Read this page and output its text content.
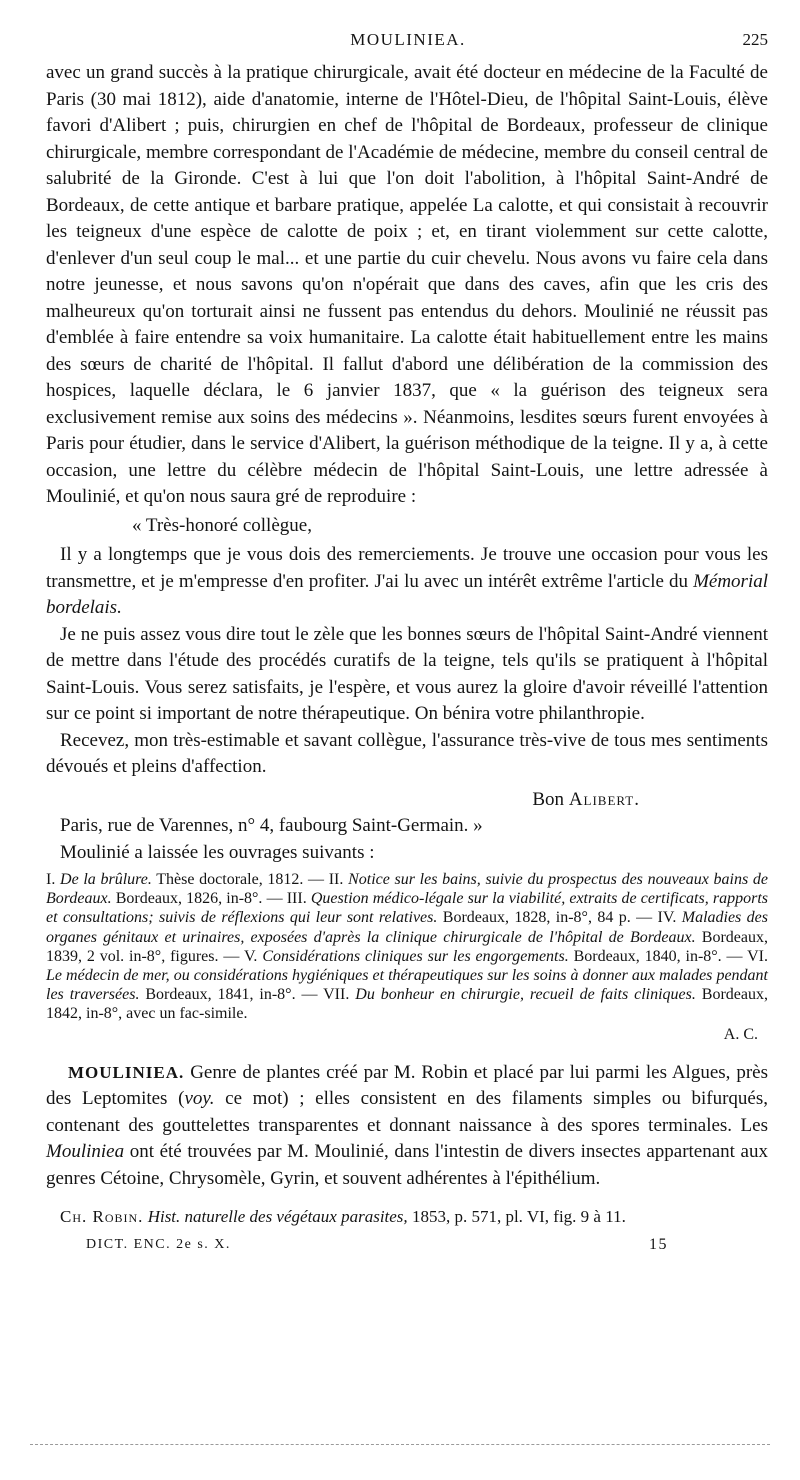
MOULINIEA.	225

avec un grand succès à la pratique chirurgicale, avait été docteur en médecine de la Faculté de Paris (30 mai 1812), aide d'anatomie, interne de l'Hôtel-Dieu, de l'hôpital Saint-Louis, élève favori d'Alibert ; puis, chirurgien en chef de l'hôpital de Bordeaux, professeur de clinique chirurgicale, membre correspondant de l'Académie de médecine, membre du conseil central de salubrité de la Gironde. C'est à lui que l'on doit l'abolition, à l'hôpital Saint-André de Bordeaux, de cette antique et barbare pratique, appelée La calotte, et qui consistait à recouvrir les teigneux d'une espèce de calotte de poix ; et, en tirant violemment sur cette calotte, d'enlever d'un seul coup le mal... et une partie du cuir chevelu. Nous avons vu faire cela dans notre jeunesse, et nous savons qu'on n'opérait que dans des caves, afin que les cris des malheureux qu'on torturait ainsi ne fussent pas entendus du dehors. Moulinié ne réussit pas d'emblée à faire entendre sa voix humanitaire. La calotte était habituellement entre les mains des sœurs de charité de l'hôpital. Il fallut d'abord une délibération de la commission des hospices, laquelle déclara, le 6 janvier 1837, que « la guérison des teigneux sera exclusivement remise aux soins des médecins ». Néanmoins, lesdites sœurs furent envoyées à Paris pour étudier, dans le service d'Alibert, la guérison méthodique de la teigne. Il y a, à cette occasion, une lettre du célèbre médecin de l'hôpital Saint-Louis, une lettre adressée à Moulinié, et qu'on nous saura gré de reproduire :

« Très-honoré collègue,

Il y a longtemps que je vous dois des remerciements. Je trouve une occasion pour vous les transmettre, et je m'empresse d'en profiter. J'ai lu avec un intérêt extrême l'article du Mémorial bordelais.

Je ne puis assez vous dire tout le zèle que les bonnes sœurs de l'hôpital Saint-André viennent de mettre dans l'étude des procédés curatifs de la teigne, tels qu'ils se pratiquent à l'hôpital Saint-Louis. Vous serez satisfaits, je l'espère, et vous aurez la gloire d'avoir réveillé l'attention sur ce point si important de notre thérapeutique. On bénira votre philanthropie.

Recevez, mon très-estimable et savant collègue, l'assurance très-vive de tous mes sentiments dévoués et pleins d'affection.

Bon Alibert.

Paris, rue de Varennes, n° 4, faubourg Saint-Germain. »

Moulinié a laissée les ouvrages suivants :

I. De la brûlure. Thèse doctorale, 1812. — II. Notice sur les bains, suivie du prospectus des nouveaux bains de Bordeaux. Bordeaux, 1826, in-8°. — III. Question médico-légale sur la viabilité, extraits de certificats, rapports et consultations; suivis de réflexions qui leur sont relatives. Bordeaux, 1828, in-8°, 84 p. — IV. Maladies des organes génitaux et urinaires, exposées d'après la clinique chirurgicale de l'hôpital de Bordeaux. Bordeaux, 1839, 2 vol. in-8°, figures. — V. Considérations cliniques sur les engorgements. Bordeaux, 1840, in-8°. — VI. Le médecin de mer, ou considérations hygiéniques et thérapeutiques sur les soins à donner aux malades pendant les traversées. Bordeaux, 1841, in-8°. — VII. Du bonheur en chirurgie, recueil de faits cliniques. Bordeaux, 1842, in-8°, avec un fac-simile.

A. C.

MOULINIEA. Genre de plantes créé par M. Robin et placé par lui parmi les Algues, près des Leptomites (voy. ce mot) ; elles consistent en des filaments simples ou bifurqués, contenant des gouttelettes transparentes et donnant naissance à des spores terminales. Les Mouliniea ont été trouvées par M. Moulinié, dans l'intestin de divers insectes appartenant aux genres Cétoine, Chrysomèle, Gyrin, et souvent adhérentes à l'épithélium.

Ch. Robin. Hist. naturelle des végétaux parasites, 1853, p. 571, pl. VI, fig. 9 à 11.

DICT. ENC. 2e s. X.	15
